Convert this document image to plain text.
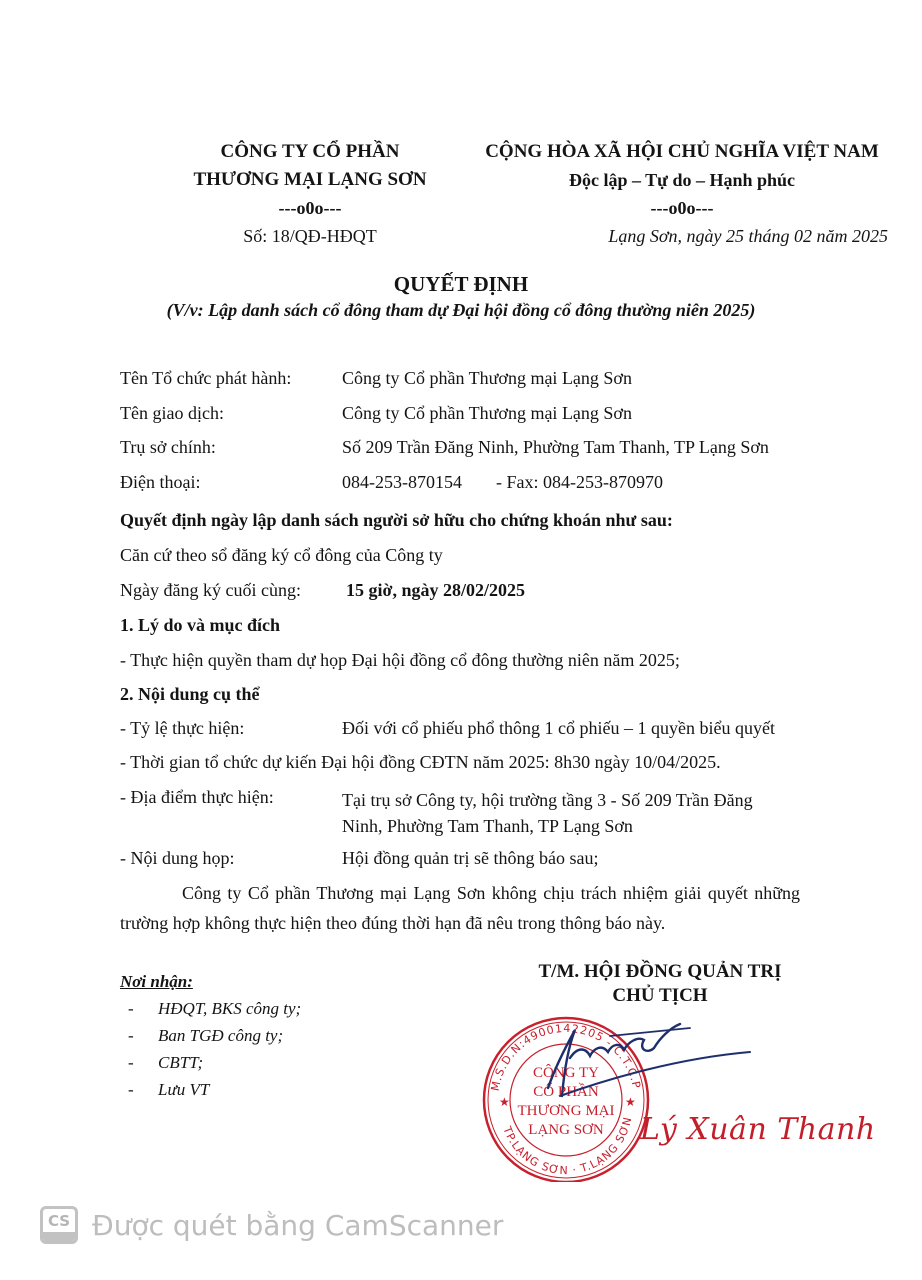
CÔNG TY CỔ PHẦN
THƯƠNG MẠI LẠNG SƠN
---o0o---
Số: 18/QĐ-HĐQT
CỘNG HÒA XÃ HỘI CHỦ NGHĨA VIỆT NAM
Độc lập – Tự do – Hạnh phúc
---o0o---
Lạng Sơn, ngày 25 tháng 02 năm 2025
QUYẾT ĐỊNH
(V/v: Lập danh sách cổ đông tham dự Đại hội đồng cổ đông thường niên 2025)
Tên Tổ chức phát hành:	Công ty Cổ phần Thương mại Lạng Sơn
Tên giao dịch:	Công ty Cổ phần Thương mại Lạng Sơn
Trụ sở chính:	Số 209 Trần Đăng Ninh, Phường Tam Thanh, TP Lạng Sơn
Điện thoại:	084-253-870154 - Fax: 084-253-870970
Quyết định ngày lập danh sách người sở hữu cho chứng khoán như sau:
Căn cứ theo sổ đăng ký cổ đông của Công ty
Ngày đăng ký cuối cùng:	15 giờ, ngày 28/02/2025
1. Lý do và mục đích
- Thực hiện quyền tham dự họp Đại hội đồng cổ đông thường niên năm 2025;
2. Nội dung cụ thể
- Tỷ lệ thực hiện:	Đối với cổ phiếu phổ thông 1 cổ phiếu – 1 quyền biểu quyết
- Thời gian tổ chức dự kiến Đại hội đồng CĐTN năm 2025: 8h30 ngày 10/04/2025.
- Địa điểm thực hiện:	Tại trụ sở Công ty, hội trường tầng 3 - Số 209 Trần Đăng
Ninh, Phường Tam Thanh, TP Lạng Sơn
- Nội dung họp:	Hội đồng quản trị sẽ thông báo sau;
Công ty Cổ phần Thương mại Lạng Sơn không chịu trách nhiệm giải quyết những trường hợp không thực hiện theo đúng thời hạn đã nêu trong thông báo này.
Nơi nhận:
- HĐQT, BKS công ty;
- Ban TGĐ công ty;
- CBTT;
- Lưu VT
T/M. HỘI ĐỒNG QUẢN TRỊ
CHỦ TỊCH
M.S.D.N:4900142205 - C.T.C.P
TP.LẠNG SƠN · T.LẠNG SƠN
★	★
CÔNG TY
CỔ PHẦN
THƯƠNG MẠI
LẠNG SƠN Lý Xuân Thanh
CS Được quét bằng CamScanner
